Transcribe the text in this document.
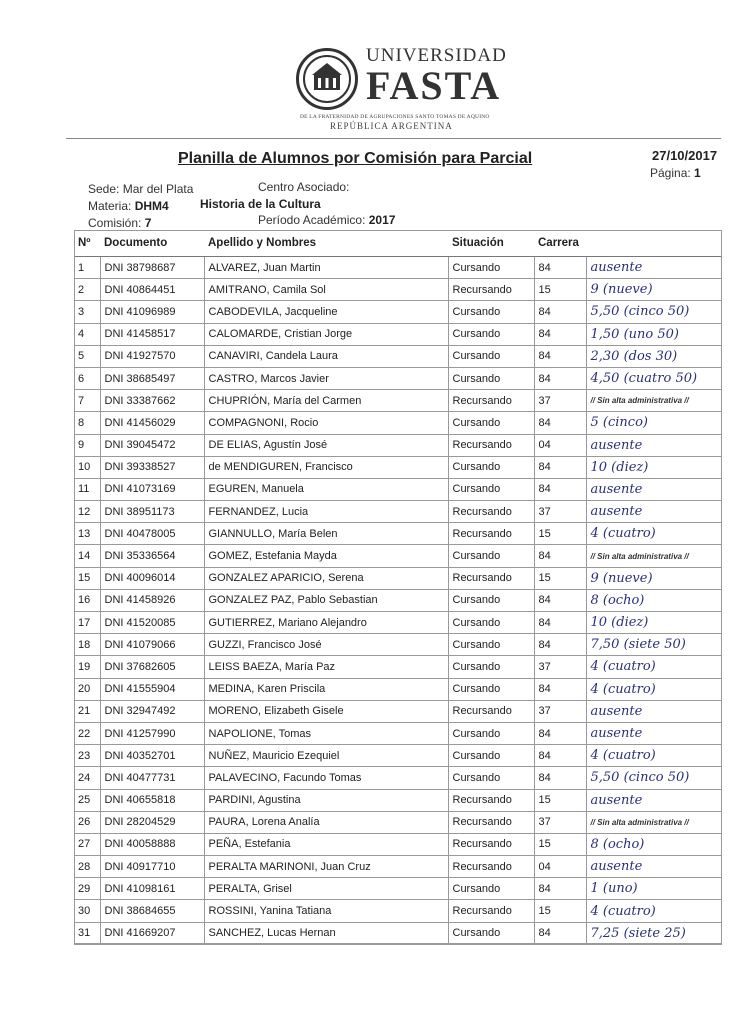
UNIVERSIDAD
FASTA
DE LA FRATERNIDAD DE AGRUPACIONES SANTO TOMAS DE AQUINO
REPÚBLICA ARGENTINA
Planilla de Alumnos por Comisión para Parcial	27/10/2017
Página: 1
Sede: Mar del Plata	Centro Asociado:
Materia: DHM4	Historia de la Cultura
Comisión: 7	Período Académico: 2017
Nº	Documento	Apellido y Nombres	Situación	Carrera	
1	DNI 38798687	ALVAREZ, Juan Martin	Cursando	84	ausente
2	DNI 40864451	AMITRANO, Camila Sol	Recursando	15	9 (nueve)
3	DNI 41096989	CABODEVILA, Jacqueline	Cursando	84	5,50 (cinco 50)
4	DNI 41458517	CALOMARDE, Cristian Jorge	Cursando	84	1,50 (uno 50)
5	DNI 41927570	CANAVIRI, Candela Laura	Cursando	84	2,30 (dos 30)
6	DNI 38685497	CASTRO, Marcos Javier	Cursando	84	4,50 (cuatro 50)
7	DNI 33387662	CHUPRIÓN, María del Carmen	Recursando	37	// Sin alta administrativa //
8	DNI 41456029	COMPAGNONI, Rocio	Cursando	84	5 (cinco)
9	DNI 39045472	DE ELIAS, Agustín José	Recursando	04	ausente
10	DNI 39338527	de MENDIGUREN, Francisco	Cursando	84	10 (diez)
11	DNI 41073169	EGUREN, Manuela	Cursando	84	ausente
12	DNI 38951173	FERNANDEZ, Lucia	Recursando	37	ausente
13	DNI 40478005	GIANNULLO, María Belen	Recursando	15	4 (cuatro)
14	DNI 35336564	GOMEZ, Estefania Mayda	Cursando	84	// Sin alta administrativa //
15	DNI 40096014	GONZALEZ APARICIO, Serena	Recursando	15	9 (nueve)
16	DNI 41458926	GONZALEZ PAZ, Pablo Sebastian	Cursando	84	8 (ocho)
17	DNI 41520085	GUTIERREZ, Mariano Alejandro	Cursando	84	10 (diez)
18	DNI 41079066	GUZZI, Francisco José	Cursando	84	7,50 (siete 50)
19	DNI 37682605	LEISS BAEZA, María Paz	Cursando	37	4 (cuatro)
20	DNI 41555904	MEDINA, Karen Priscila	Cursando	84	4 (cuatro)
21	DNI 32947492	MORENO, Elizabeth Gisele	Recursando	37	ausente
22	DNI 41257990	NAPOLIONE, Tomas	Cursando	84	ausente
23	DNI 40352701	NUÑEZ, Mauricio Ezequiel	Cursando	84	4 (cuatro)
24	DNI 40477731	PALAVECINO, Facundo Tomas	Cursando	84	5,50 (cinco 50)
25	DNI 40655818	PARDINI, Agustina	Recursando	15	ausente
26	DNI 28204529	PAURA, Lorena Analía	Recursando	37	// Sin alta administrativa //
27	DNI 40058888	PEÑA, Estefania	Recursando	15	8 (ocho)
28	DNI 40917710	PERALTA MARINONI, Juan Cruz	Recursando	04	ausente
29	DNI 41098161	PERALTA, Grisel	Cursando	84	1 (uno)
30	DNI 38684655	ROSSINI, Yanina Tatiana	Recursando	15	4 (cuatro)
31	DNI 41669207	SANCHEZ, Lucas Hernan	Cursando	84	7,25 (siete 25)
